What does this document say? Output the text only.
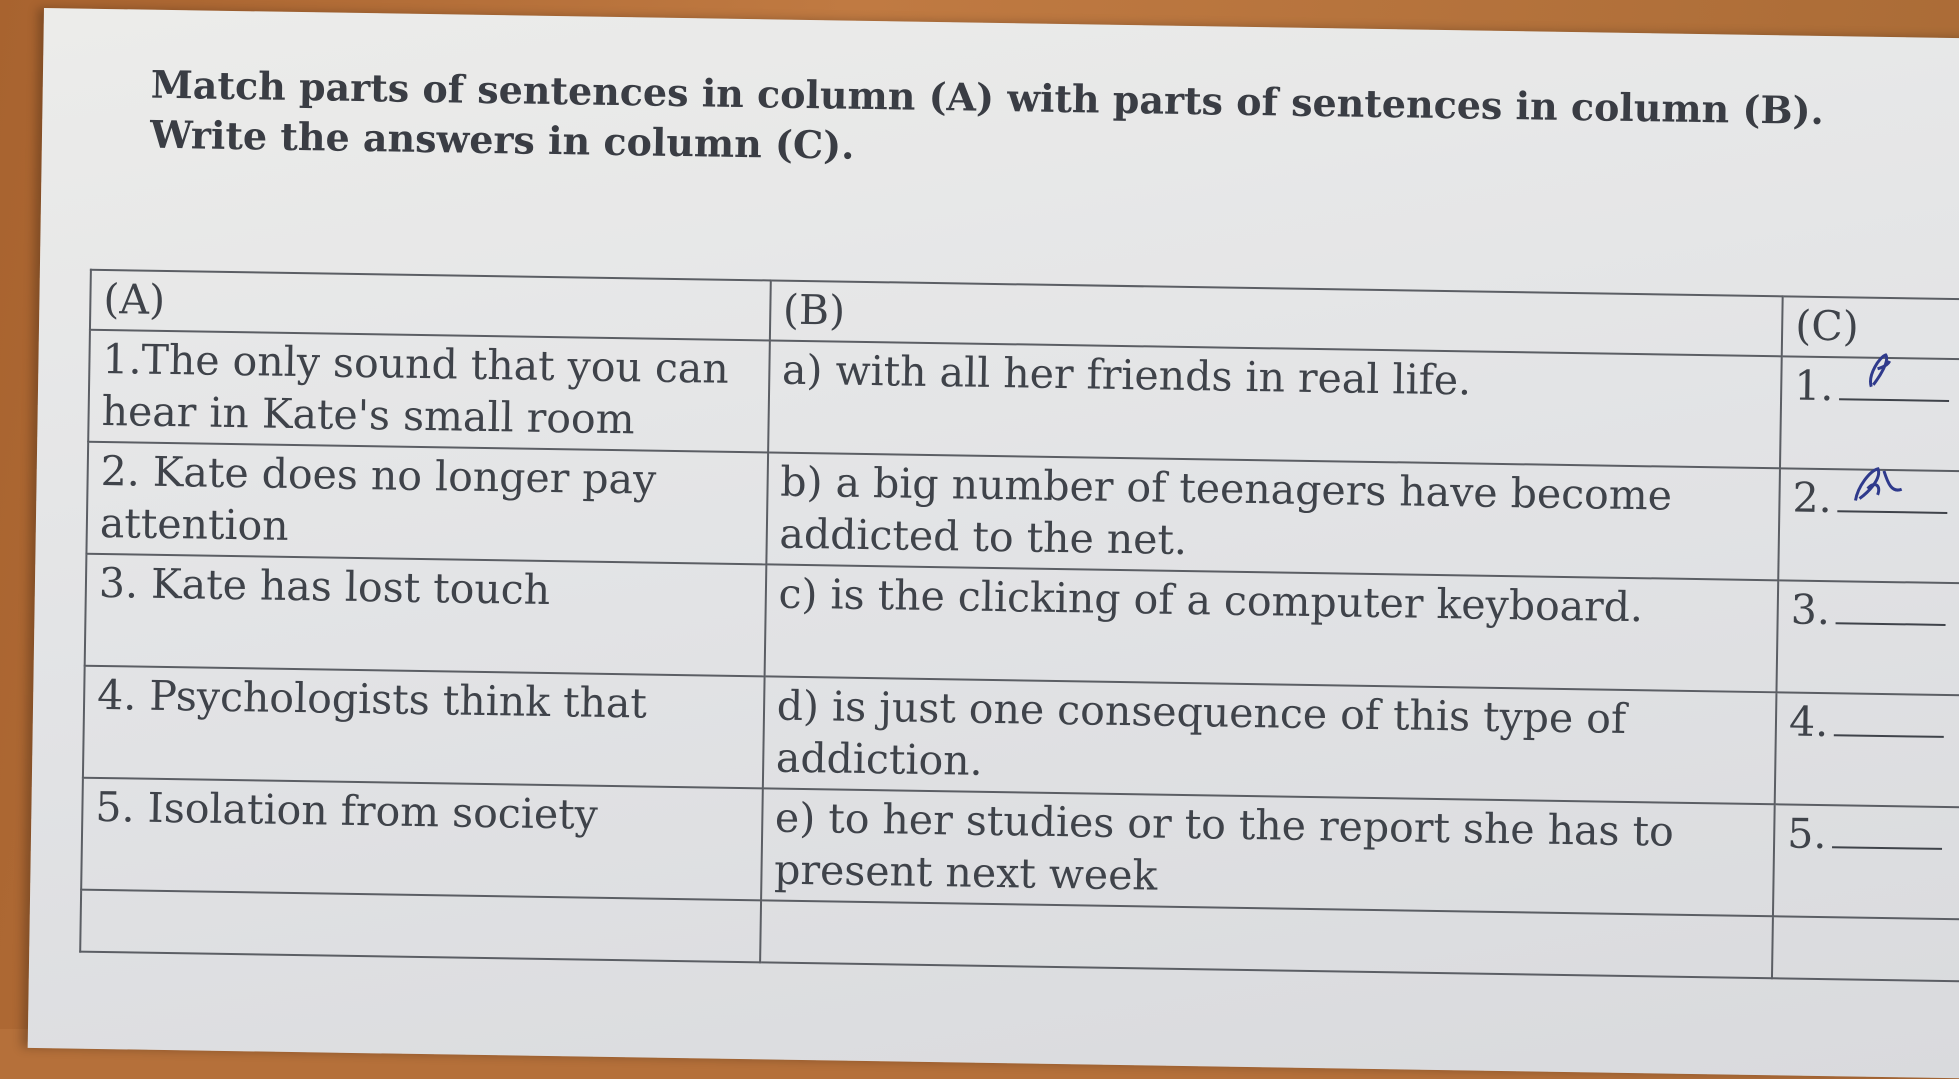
Match parts of sentences in column (A) with parts of sentences in column (B). Write the answers in column (C).

(A)	(B)	(C)
1.The only sound that you can hear in Kate's small room	a) with all her friends in real life.	1.

2. Kate does no longer pay attention	b) a big number of teenagers have become addicted to the net.	2.

3. Kate has lost touch	c) is the clicking of a computer keyboard.	3.
4. Psychologists think that	d) is just one consequence of this type of addiction.	4.
5. Isolation from society	e) to her studies or to the report she has to present next week	5.
